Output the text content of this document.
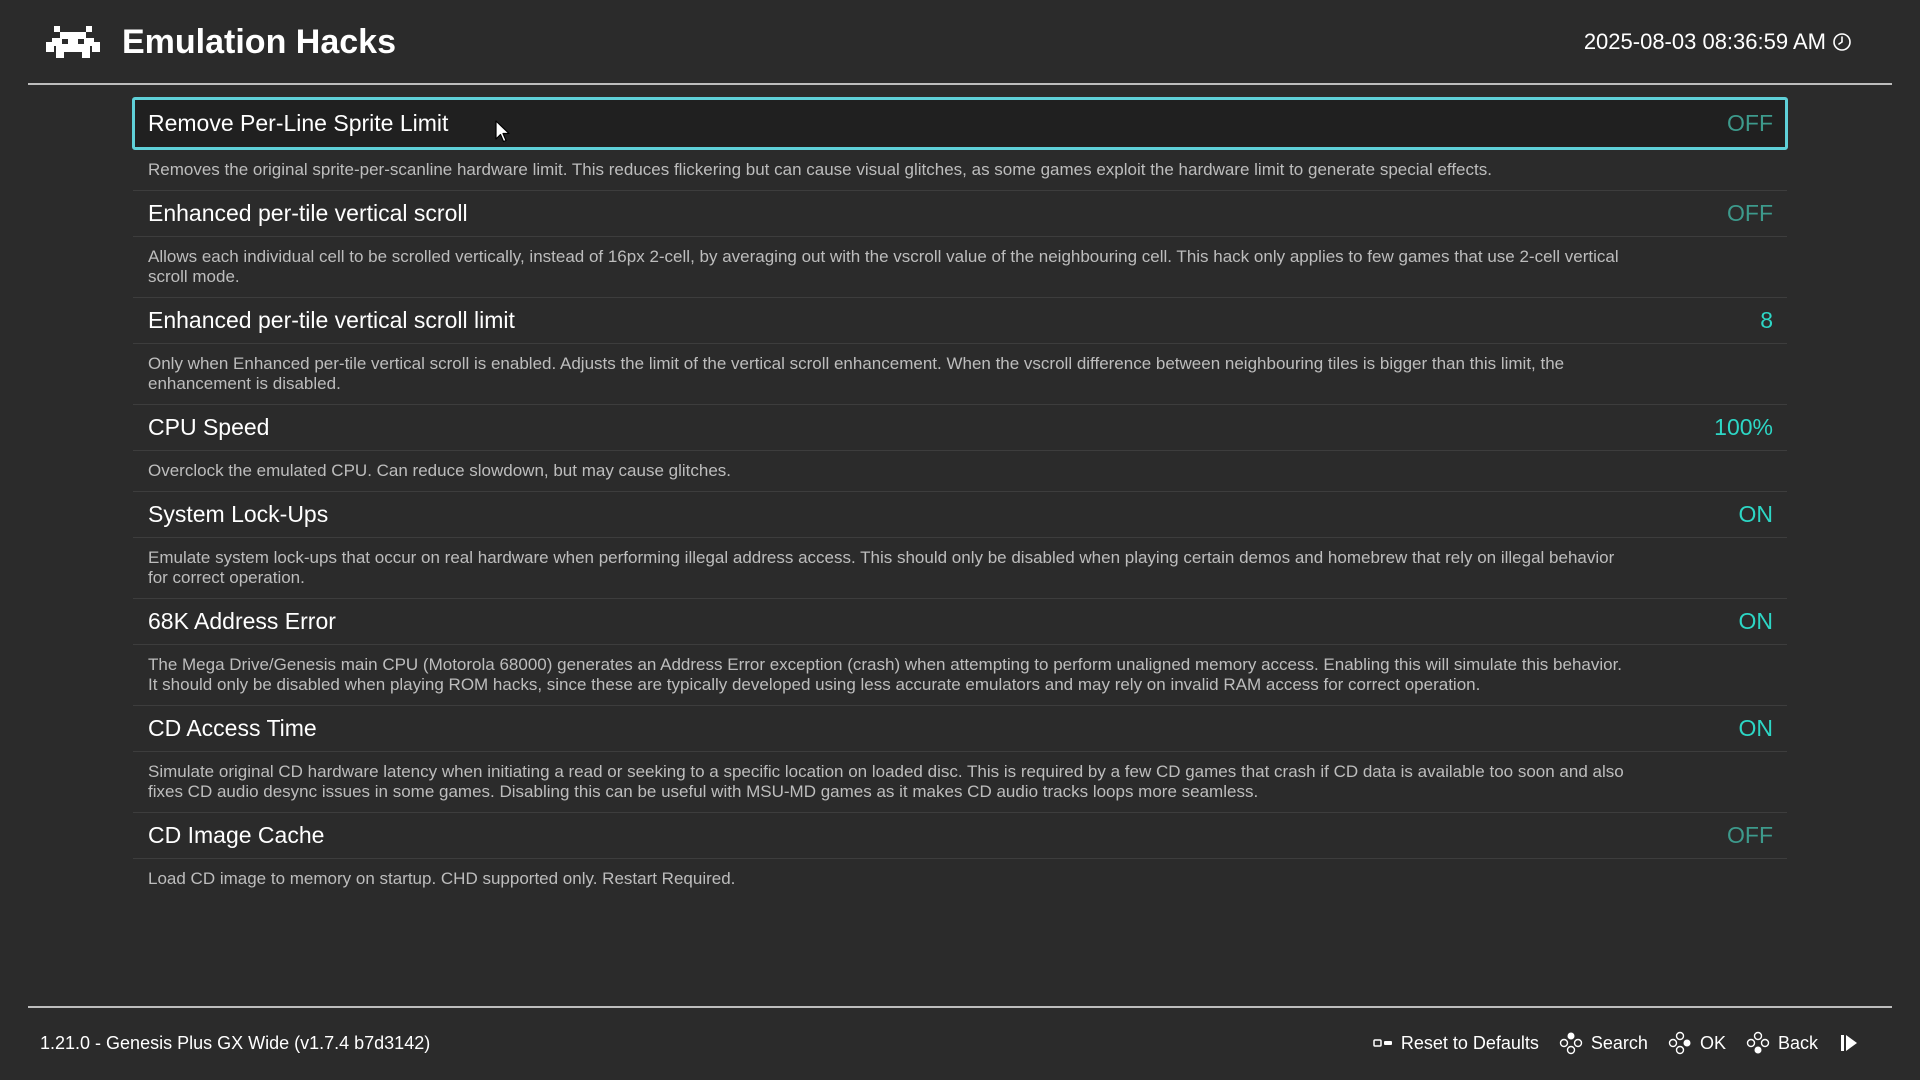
Emulation Hacks	2025-08-03 08:36:59 AM
Remove Per-Line Sprite Limit	OFF
Removes the original sprite-per-scanline hardware limit. This reduces flickering but can cause visual glitches, as some games exploit the hardware limit to generate special effects.
Enhanced per-tile vertical scroll	OFF
Allows each individual cell to be scrolled vertically, instead of 16px 2-cell, by averaging out with the vscroll value of the neighbouring cell. This hack only applies to few games that use 2-cell vertical scroll mode.
Enhanced per-tile vertical scroll limit	8
Only when Enhanced per-tile vertical scroll is enabled. Adjusts the limit of the vertical scroll enhancement. When the vscroll difference between neighbouring tiles is bigger than this limit, the enhancement is disabled.
CPU Speed	100%
Overclock the emulated CPU. Can reduce slowdown, but may cause glitches.
System Lock-Ups	ON
Emulate system lock-ups that occur on real hardware when performing illegal address access. This should only be disabled when playing certain demos and homebrew that rely on illegal behavior for correct operation.
68K Address Error	ON
The Mega Drive/Genesis main CPU (Motorola 68000) generates an Address Error exception (crash) when attempting to perform unaligned memory access. Enabling this will simulate this behavior. It should only be disabled when playing ROM hacks, since these are typically developed using less accurate emulators and may rely on invalid RAM access for correct operation.
CD Access Time	ON
Simulate original CD hardware latency when initiating a read or seeking to a specific location on loaded disc. This is required by a few CD games that crash if CD data is available too soon and also fixes CD audio desync issues in some games. Disabling this can be useful with MSU-MD games as it makes CD audio tracks loops more seamless.
CD Image Cache	OFF
Load CD image to memory on startup. CHD supported only. Restart Required.
1.21.0 - Genesis Plus GX Wide (v1.7.4 b7d3142)	Reset to Defaults	Search	OK	Back
